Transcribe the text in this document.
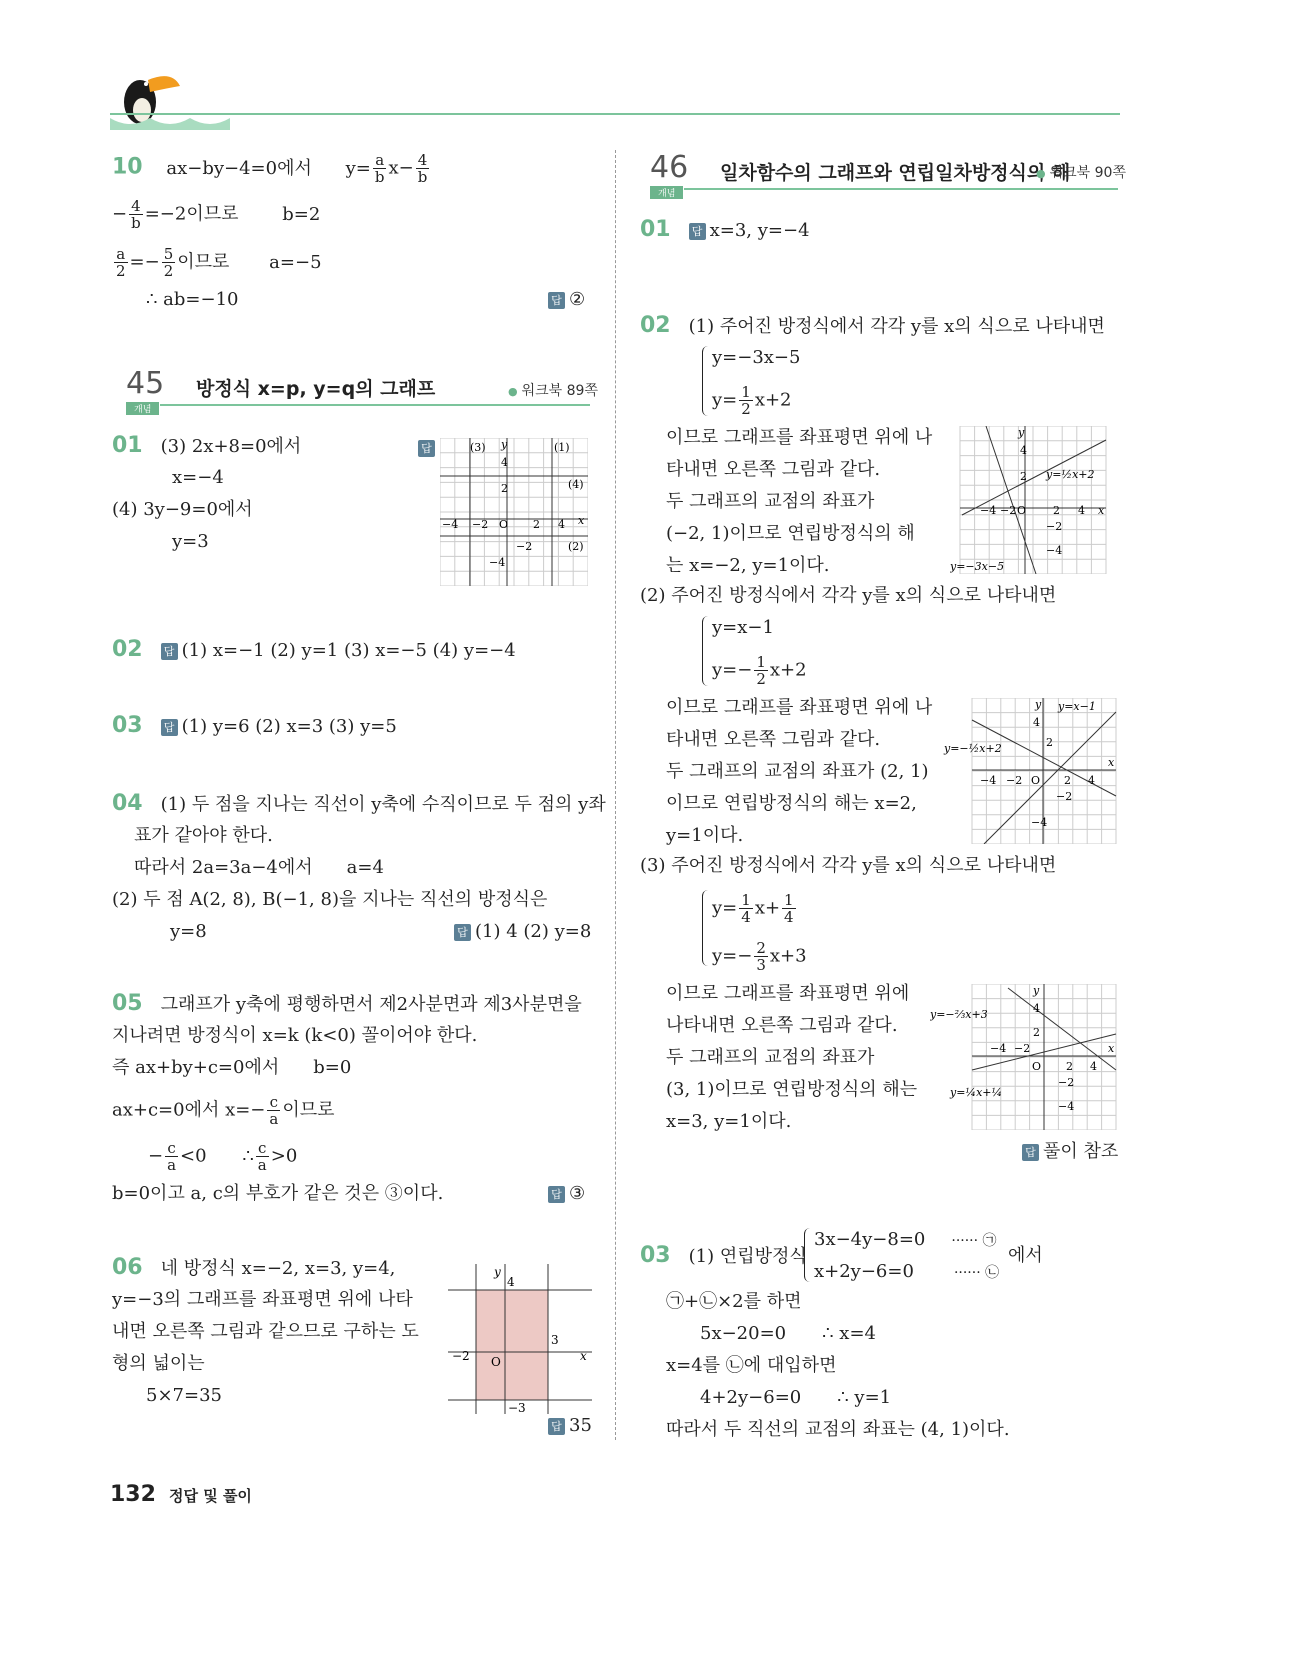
10 ax−by−4=0에서 $y= \frac{a}{b} x- \frac{4}{b}$
− $\frac{4}{b} =-2$이므로 b=2
$\frac{a}{2} =- \frac{5}{2}$ 이므로 a=−5
∴ ab=−10	답 ②
45
개념
방정식 x=p, y=q의 그래프	● 워크북 89쪽
01 (3) 2x+8=0에서
x=−4
(4) 3y−9=0에서
y=3
답	(3)	(1)
(4)
(2)
y
x
O
4
2
−4 −2	2 4
−2
−4
02 답 (1) x=−1 (2) y=1 (3) x=−5 (4) y=−4
03 답 (1) y=6 (2) x=3 (3) y=5
04 (1) 두 점을 지나는 직선이 y축에 수직이므로 두 점의 y좌
표가 같아야 한다.
따라서 2a=3a−4에서 a=4
(2) 두 점 A(2, 8), B(−1, 8)을 지나는 직선의 방정식은
y=8	답 (1) 4 (2) y=8
05 그래프가 y축에 평행하면서 제2사분면과 제3사분면을
지나려면 방정식이 x=k (k<0) 꼴이어야 한다.
즉 ax+by+c=0에서 b=0
ax+c=0에서 $x=- \frac{c}{a}$ 이므로
− $\frac{c}{a} <0$ ∴ $\frac{c}{a} >0$
b=0이고 a, c의 부호가 같은 것은 ③이다.	답 ③
06 네 방정식 x=−2, x=3, y=4,
y=−3의 그래프를 좌표평면 위에 나타
내면 오른쪽 그림과 같으므로 구하는 도
형의 넓이는
5×7=35
y
x
O
4
3
−2
−3
답 35
46
개념
일차함수의 그래프와 연립일차방정식의 해
● 워크북 90쪽
01 답 x=3, y=−4
02 (1) 주어진 방정식에서 각각 y를 x의 식으로 나타내면
y=−3x−5
$y= \frac{1}{2} x+2$
이므로 그래프를 좌표평면 위에 나
타내면 오른쪽 그림과 같다.
두 그래프의 교점의 좌표가
(−2, 1)이므로 연립방정식의 해
는 x=−2, y=1이다.
y
x
4
2
−4 −2 O 2 4
−2
−4
y=½x+2
y=−3x−5
(2) 주어진 방정식에서 각각 y를 x의 식으로 나타내면
y=x−1
$y=- \frac{1}{2} x+2$
이므로 그래프를 좌표평면 위에 나
타내면 오른쪽 그림과 같다.
두 그래프의 교점의 좌표가 (2, 1)
이므로 연립방정식의 해는 x=2,
y=1이다.
y
x
4
2
−4 −2 O 2 4
−2
−4
y=x−1
y=−½x+2
(3) 주어진 방정식에서 각각 y를 x의 식으로 나타내면
$y= \frac{1}{4} x+ \frac{1}{4}$
$y=- \frac{2}{3} x+3$
이므로 그래프를 좌표평면 위에
나타내면 오른쪽 그림과 같다.
두 그래프의 교점의 좌표가
(3, 1)이므로 연립방정식의 해는
x=3, y=1이다.
y
x
4
2
−4 −2
O 2 4
−2
−4
y=−⅔x+3
y=¼x+¼
답 풀이 참조
03 (1) 연립방정식
3x−4y−8=0 ······ ㉠
x+2y−6=0	······ ㉡
에서
㉠+㉡×2를 하면
5x−20=0 ∴ x=4
x=4를 ㉡에 대입하면
4+2y−6=0 ∴ y=1
따라서 두 직선의 교점의 좌표는 (4, 1)이다.
132 정답 및 풀이
